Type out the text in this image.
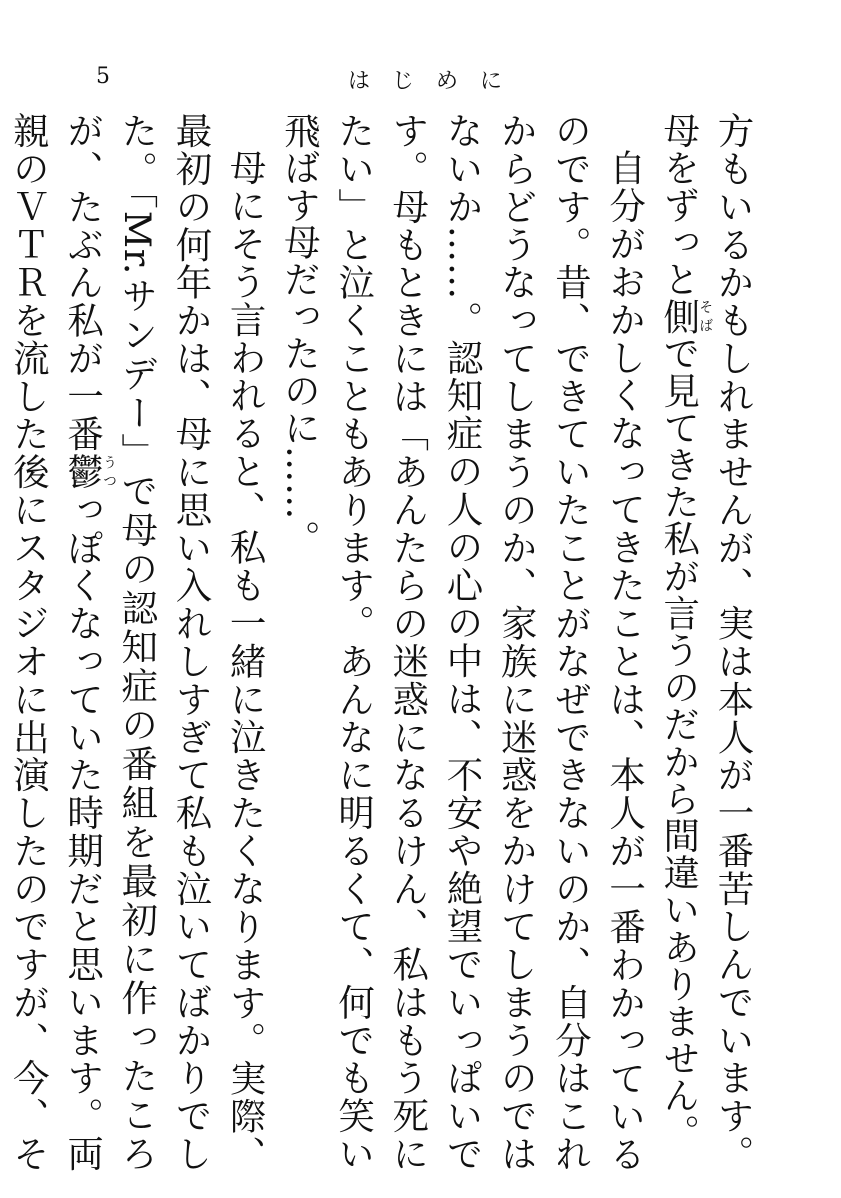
5	はじめに

方もいるかもしれませんが、実は本人が一番苦しんでいます。母をずっと側そばで見てきた私が言うのだから間違いありません。

自分がおかしくなってきたことは、本人が一番わかっているのです。昔、できていたことがなぜできないのか、自分はこれからどうなってしまうのか、家族に迷惑をかけてしまうのではないか……。認知症の人の心の中は、不安や絶望でいっぱいです。母もときには「あんたらの迷惑になるけん、私はもう死にたい」と泣くこともあります。あんなに明るくて、何でも笑い飛ばす母だったのに……。

母にそう言われると、私も一緒に泣きたくなります。実際、最初の何年かは、母に思い入れしすぎて私も泣いてばかりでした。「Mr.サンデー」で母の認知症の番組を最初に作ったころが、たぶん私が一番鬱うつっぽくなっていた時期だと思います。両親のＶＴＲを流した後にスタジオに出演したのですが、今、そ
